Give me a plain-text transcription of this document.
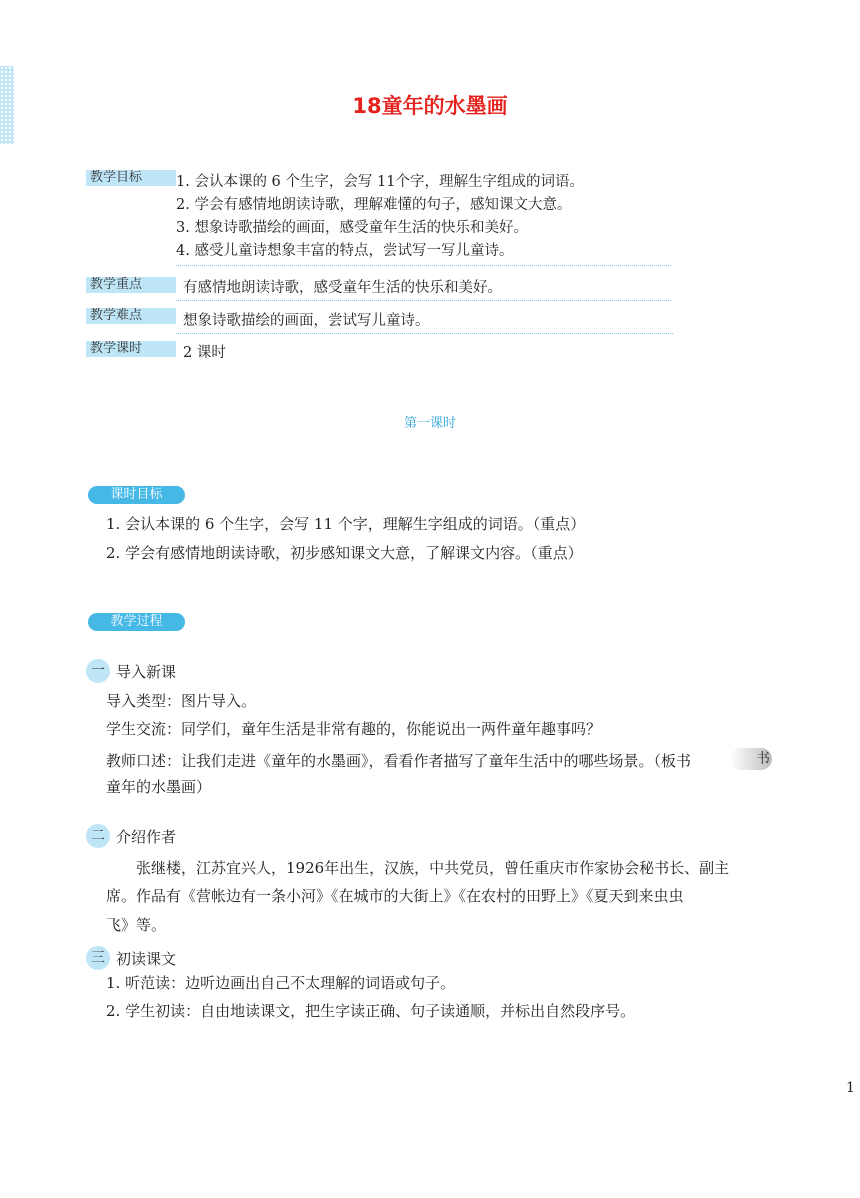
18童年的水墨画
教学目标	1. 会认本课的 6 个生字，会写 11个字，理解生字组成的词语。
2. 学会有感情地朗读诗歌，理解难懂的句子，感知课文大意。
3. 想象诗歌描绘的画面，感受童年生活的快乐和美好。
4. 感受儿童诗想象丰富的特点，尝试写一写儿童诗。
教学重点	有感情地朗读诗歌，感受童年生活的快乐和美好。
教学难点	想象诗歌描绘的画面，尝试写儿童诗。
教学课时	2 课时
第一课时
课时目标
1. 会认本课的 6 个生字，会写 11 个字，理解生字组成的词语。（重点）
2. 学会有感情地朗读诗歌，初步感知课文大意，了解课文内容。（重点）
教学过程
一 导入新课
导入类型：图片导入。
学生交流：同学们，童年生活是非常有趣的，你能说出一两件童年趣事吗？
教师口述：让我们走进《童年的水墨画》，看看作者描写了童年生活中的哪些场景。（板书	书
童年的水墨画）
二 介绍作者
张继楼，江苏宜兴人，1926年出生，汉族，中共党员，曾任重庆市作家协会秘书长、副主
席。作品有《营帐边有一条小河》《在城市的大街上》《在农村的田野上》《夏天到来虫虫
飞》等。
三 初读课文
1. 听范读：边听边画出自己不太理解的词语或句子。
2. 学生初读：自由地读课文，把生字读正确、句子读通顺，并标出自然段序号。
1
